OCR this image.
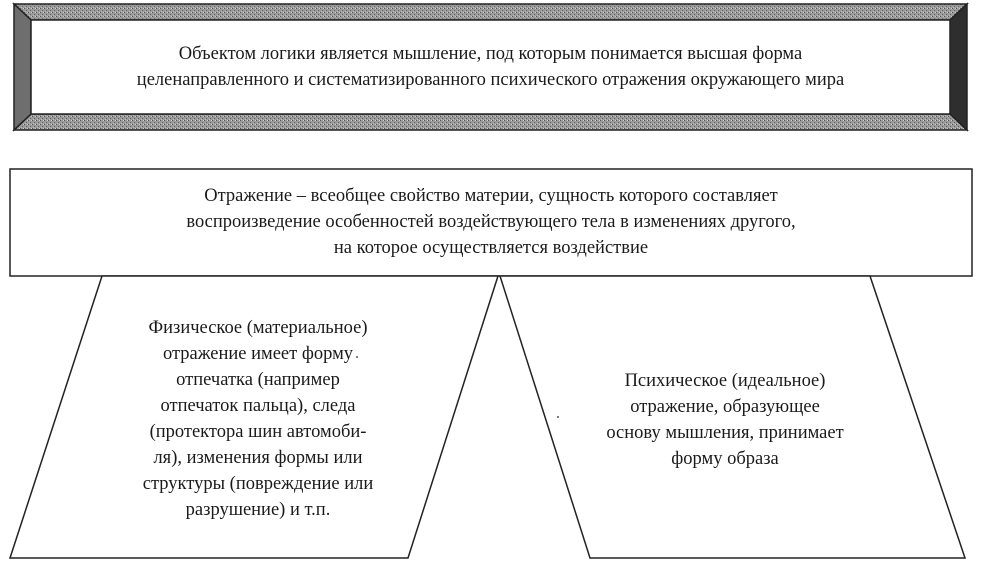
Объектом логики является мышление, под которым понимается высшая форма
целенаправленного и систематизированного психического отражения окружающего мира
Отражение – всеобщее свойство материи, сущность которого составляет
воспроизведение особенностей воздействующего тела в изменениях другого,
на которое осуществляется воздействие
Физическое (материальное)
отражение имеет форму
отпечатка (например
отпечаток пальца), следа
(протектора шин автомоби-
ля), изменения формы или
структуры (повреждение или
разрушение) и т.п.
Психическое (идеальное)
отражение, образующее
основу мышления, принимает
форму образа
